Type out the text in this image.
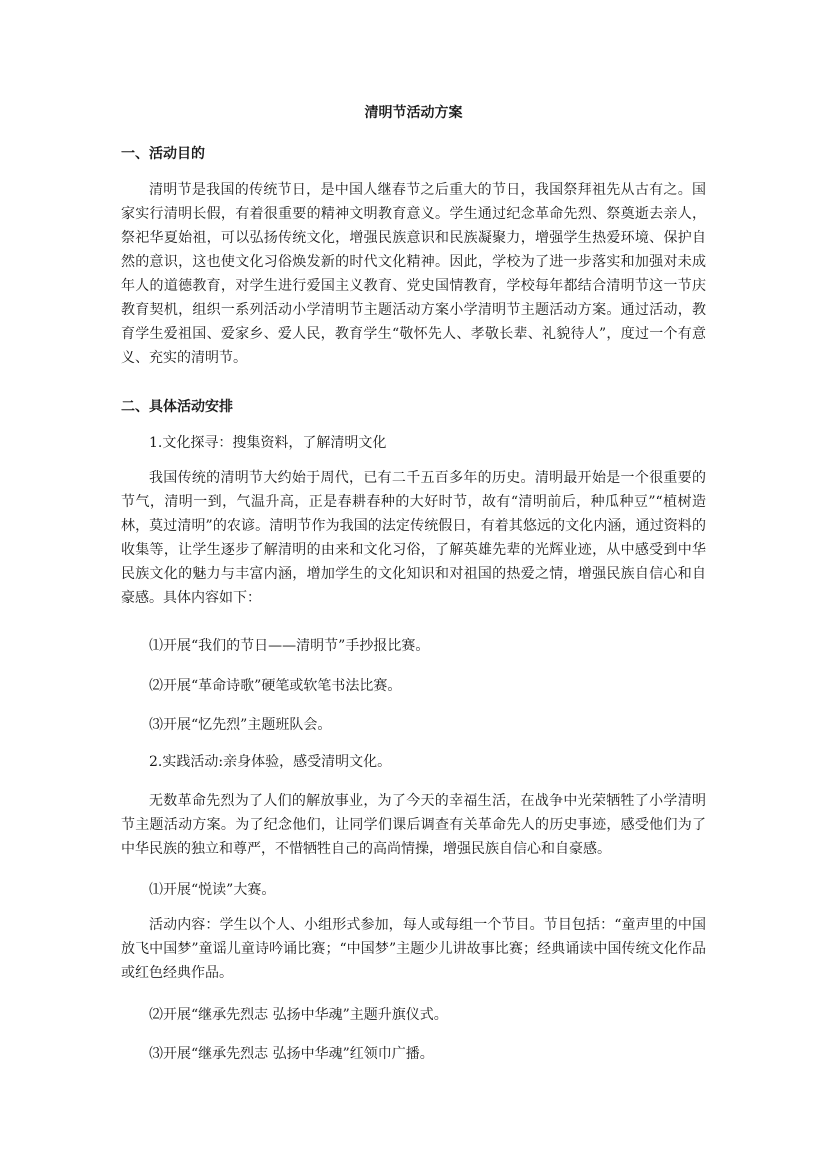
清明节活动方案
一、活动目的

清明节是我国的传统节日，是中国人继春节之后重大的节日，我国祭拜祖先从古有之。国家实行清明长假，有着很重要的精神文明教育意义。学生通过纪念革命先烈、祭奠逝去亲人，祭祀华夏始祖，可以弘扬传统文化，增强民族意识和民族凝聚力，增强学生热爱环境、保护自然的意识，这也使文化习俗焕发新的时代文化精神。因此，学校为了进一步落实和加强对未成年人的道德教育，对学生进行爱国主义教育、党史国情教育，学校每年都结合清明节这一节庆教育契机，组织一系列活动小学清明节主题活动方案小学清明节主题活动方案。通过活动，教育学生爱祖国、爱家乡、爱人民，教育学生“敬怀先人、孝敬长辈、礼貌待人”，度过一个有意义、充实的清明节。

二、具体活动安排

1.文化探寻：搜集资料，了解清明文化

我国传统的清明节大约始于周代，已有二千五百多年的历史。清明最开始是一个很重要的节气，清明一到，气温升高，正是春耕春种的大好时节，故有“清明前后，种瓜种豆”“植树造林，莫过清明”的农谚。清明节作为我国的法定传统假日，有着其悠远的文化内涵，通过资料的收集等，让学生逐步了解清明的由来和文化习俗，了解英雄先辈的光辉业迹，从中感受到中华民族文化的魅力与丰富内涵，增加学生的文化知识和对祖国的热爱之情，增强民族自信心和自豪感。具体内容如下：

⑴开展“我们的节日——清明节”手抄报比赛。

⑵开展“革命诗歌”硬笔或软笔书法比赛。

⑶开展“忆先烈”主题班队会。

2.实践活动:亲身体验，感受清明文化。

无数革命先烈为了人们的解放事业，为了今天的幸福生活，在战争中光荣牺牲了小学清明节主题活动方案。为了纪念他们，让同学们课后调查有关革命先人的历史事迹，感受他们为了中华民族的独立和尊严，不惜牺牲自己的高尚情操，增强民族自信心和自豪感。

⑴开展“悦读”大赛。

活动内容：学生以个人、小组形式参加，每人或每组一个节目。节目包括：“童声里的中国放飞中国梦”童谣儿童诗吟诵比赛；“中国梦”主题少儿讲故事比赛；经典诵读中国传统文化作品或红色经典作品。

⑵开展“继承先烈志 弘扬中华魂”主题升旗仪式。

⑶开展“继承先烈志 弘扬中华魂”红领巾广播。
